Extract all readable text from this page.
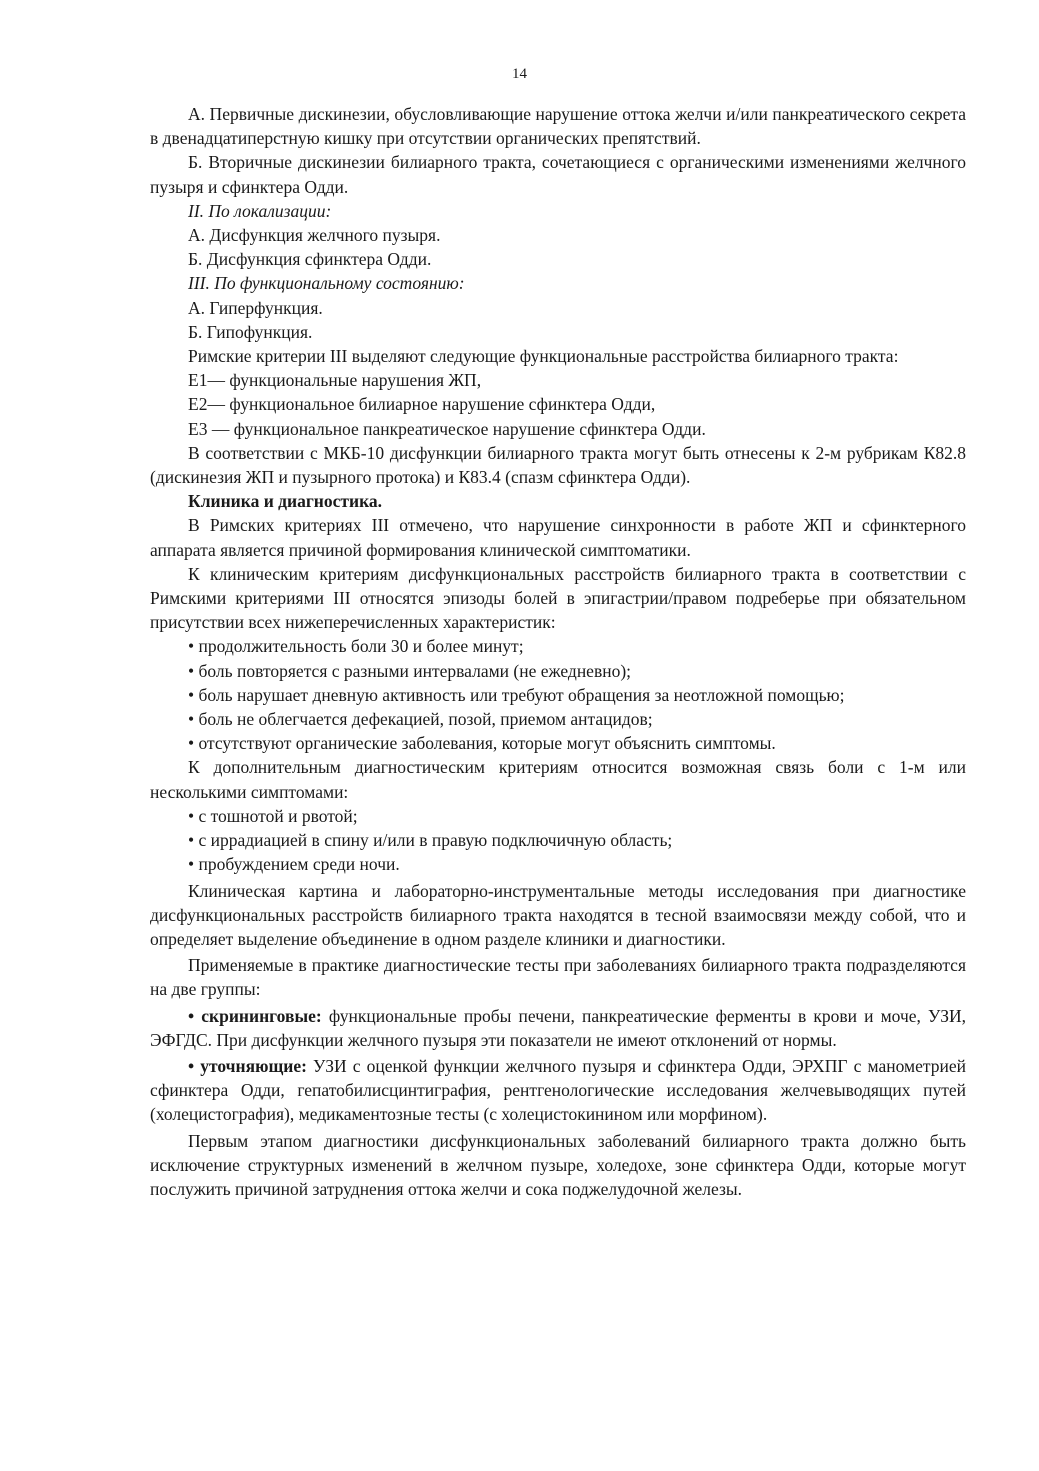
14

А. Первичные дискинезии, обусловливающие нарушение оттока желчи и/или панкреатического секрета в двенадцатиперстную кишку при отсутствии органических препятствий.

Б. Вторичные дискинезии билиарного тракта, сочетающиеся с органическими изменениями желчного пузыря и сфинктера Одди.

II. По локализации:

А. Дисфункция желчного пузыря.

Б. Дисфункция сфинктера Одди.

III. По функциональному состоянию:

А. Гиперфункция.

Б. Гипофункция.

Римские критерии III выделяют следующие функциональные расстройства билиарного тракта:

Е1— функциональные нарушения ЖП,

Е2— функциональное билиарное нарушение сфинктера Одди,

Е3 — функциональное панкреатическое нарушение сфинктера Одди.

В соответствии с МКБ-10 дисфункции билиарного тракта могут быть отнесены к 2-м рубрикам К82.8 (дискинезия ЖП и пузырного протока) и К83.4 (спазм сфинктера Одди).

Клиника и диагностика.

В Римских критериях III отмечено, что нарушение синхронности в работе ЖП и сфинктерного аппарата является причиной формирования клинической симптоматики.

К клиническим критериям дисфункциональных расстройств билиарного тракта в соответствии с Римскими критериями III относятся эпизоды болей в эпигастрии/правом подреберье при обязательном присутствии всех нижеперечисленных характеристик:

• продолжительность боли 30 и более минут;

• боль повторяется с разными интервалами (не ежедневно);

• боль нарушает дневную активность или требуют обращения за неотложной помощью;

• боль не облегчается дефекацией, позой, приемом антацидов;

• отсутствуют органические заболевания, которые могут объяснить симптомы.

К дополнительным диагностическим критериям относится возможная связь боли с 1-м или несколькими симптомами:

• с тошнотой и рвотой;

• с иррадиацией в спину и/или в правую подключичную область;

• пробуждением среди ночи.

Клиническая картина и лабораторно-инструментальные методы исследования при диагностике дисфункциональных расстройств билиарного тракта находятся в тесной взаимосвязи между собой, что и определяет выделение объединение в одном разделе клиники и диагностики.

Применяемые в практике диагностические тесты при заболеваниях билиарного тракта подразделяются на две группы:

• скрининговые: функциональные пробы печени, панкреатические ферменты в крови и моче, УЗИ, ЭФГДС. При дисфункции желчного пузыря эти показатели не имеют отклонений от нормы.

• уточняющие: УЗИ с оценкой функции желчного пузыря и сфинктера Одди, ЭРХПГ с манометрией сфинктера Одди, гепатобилисцинтиграфия, рентгенологические исследования желчевыводящих путей (холецистография), медикаментозные тесты (с холецистокинином или морфином).

Первым этапом диагностики дисфункциональных заболеваний билиарного тракта должно быть исключение структурных изменений в желчном пузыре, холедохе, зоне сфинктера Одди, которые могут послужить причиной затруднения оттока желчи и сока поджелудочной железы.
